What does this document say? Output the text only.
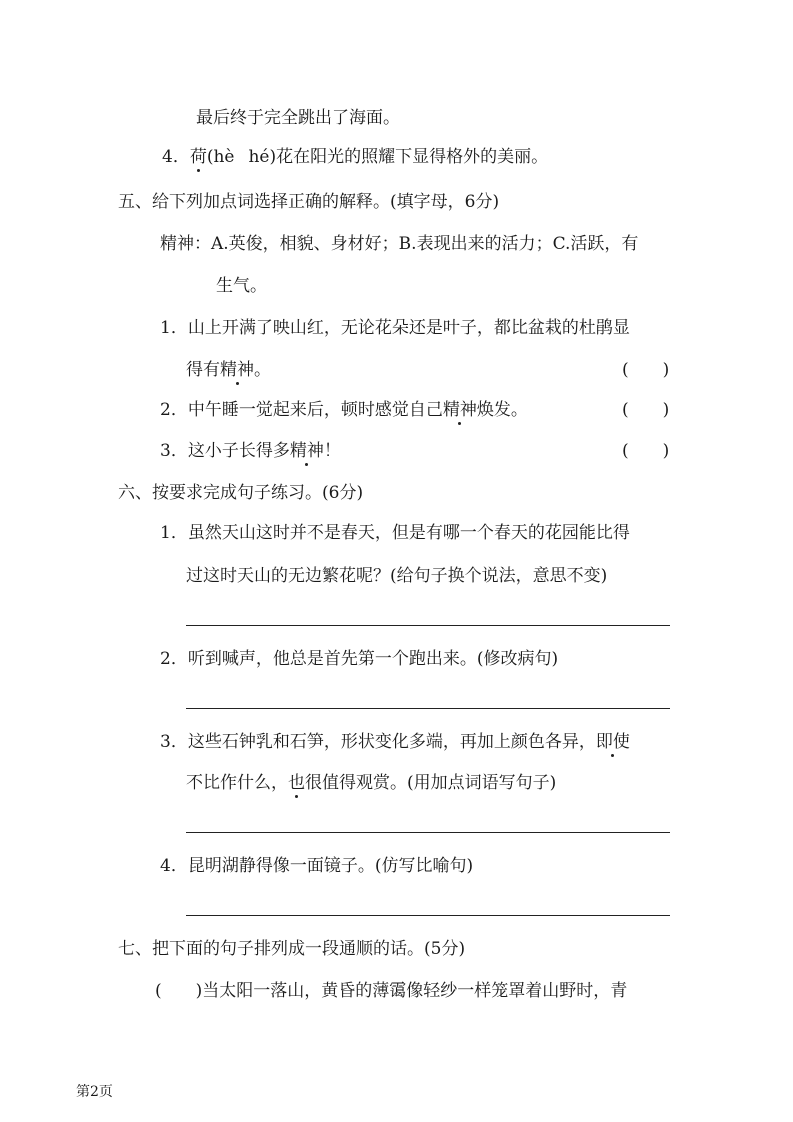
最后终于完全跳出了海面。
4．荷(hè hé)花在阳光的照耀下显得格外的美丽。
五、给下列加点词选择正确的解释。(填字母，6分)
精神：A.英俊，相貌、身材好；B.表现出来的活力；C.活跃，有
生气。
1．山上开满了映山红，无论花朵还是叶子，都比盆栽的杜鹃显
得有精神。	(　　)
2．中午睡一觉起来后，顿时感觉自己精神焕发。	(　　)
3．这小子长得多精神！	(　　)
六、按要求完成句子练习。(6分)
1．虽然天山这时并不是春天，但是有哪一个春天的花园能比得
过这时天山的无边繁花呢？(给句子换个说法，意思不变)
2．听到喊声，他总是首先第一个跑出来。(修改病句)
3．这些石钟乳和石笋，形状变化多端，再加上颜色各异，即使
不比作什么，也很值得观赏。(用加点词语写句子)
4．昆明湖静得像一面镜子。(仿写比喻句)
七、把下面的句子排列成一段通顺的话。(5分)
(　　)当太阳一落山，黄昏的薄霭像轻纱一样笼罩着山野时，青
第2页
